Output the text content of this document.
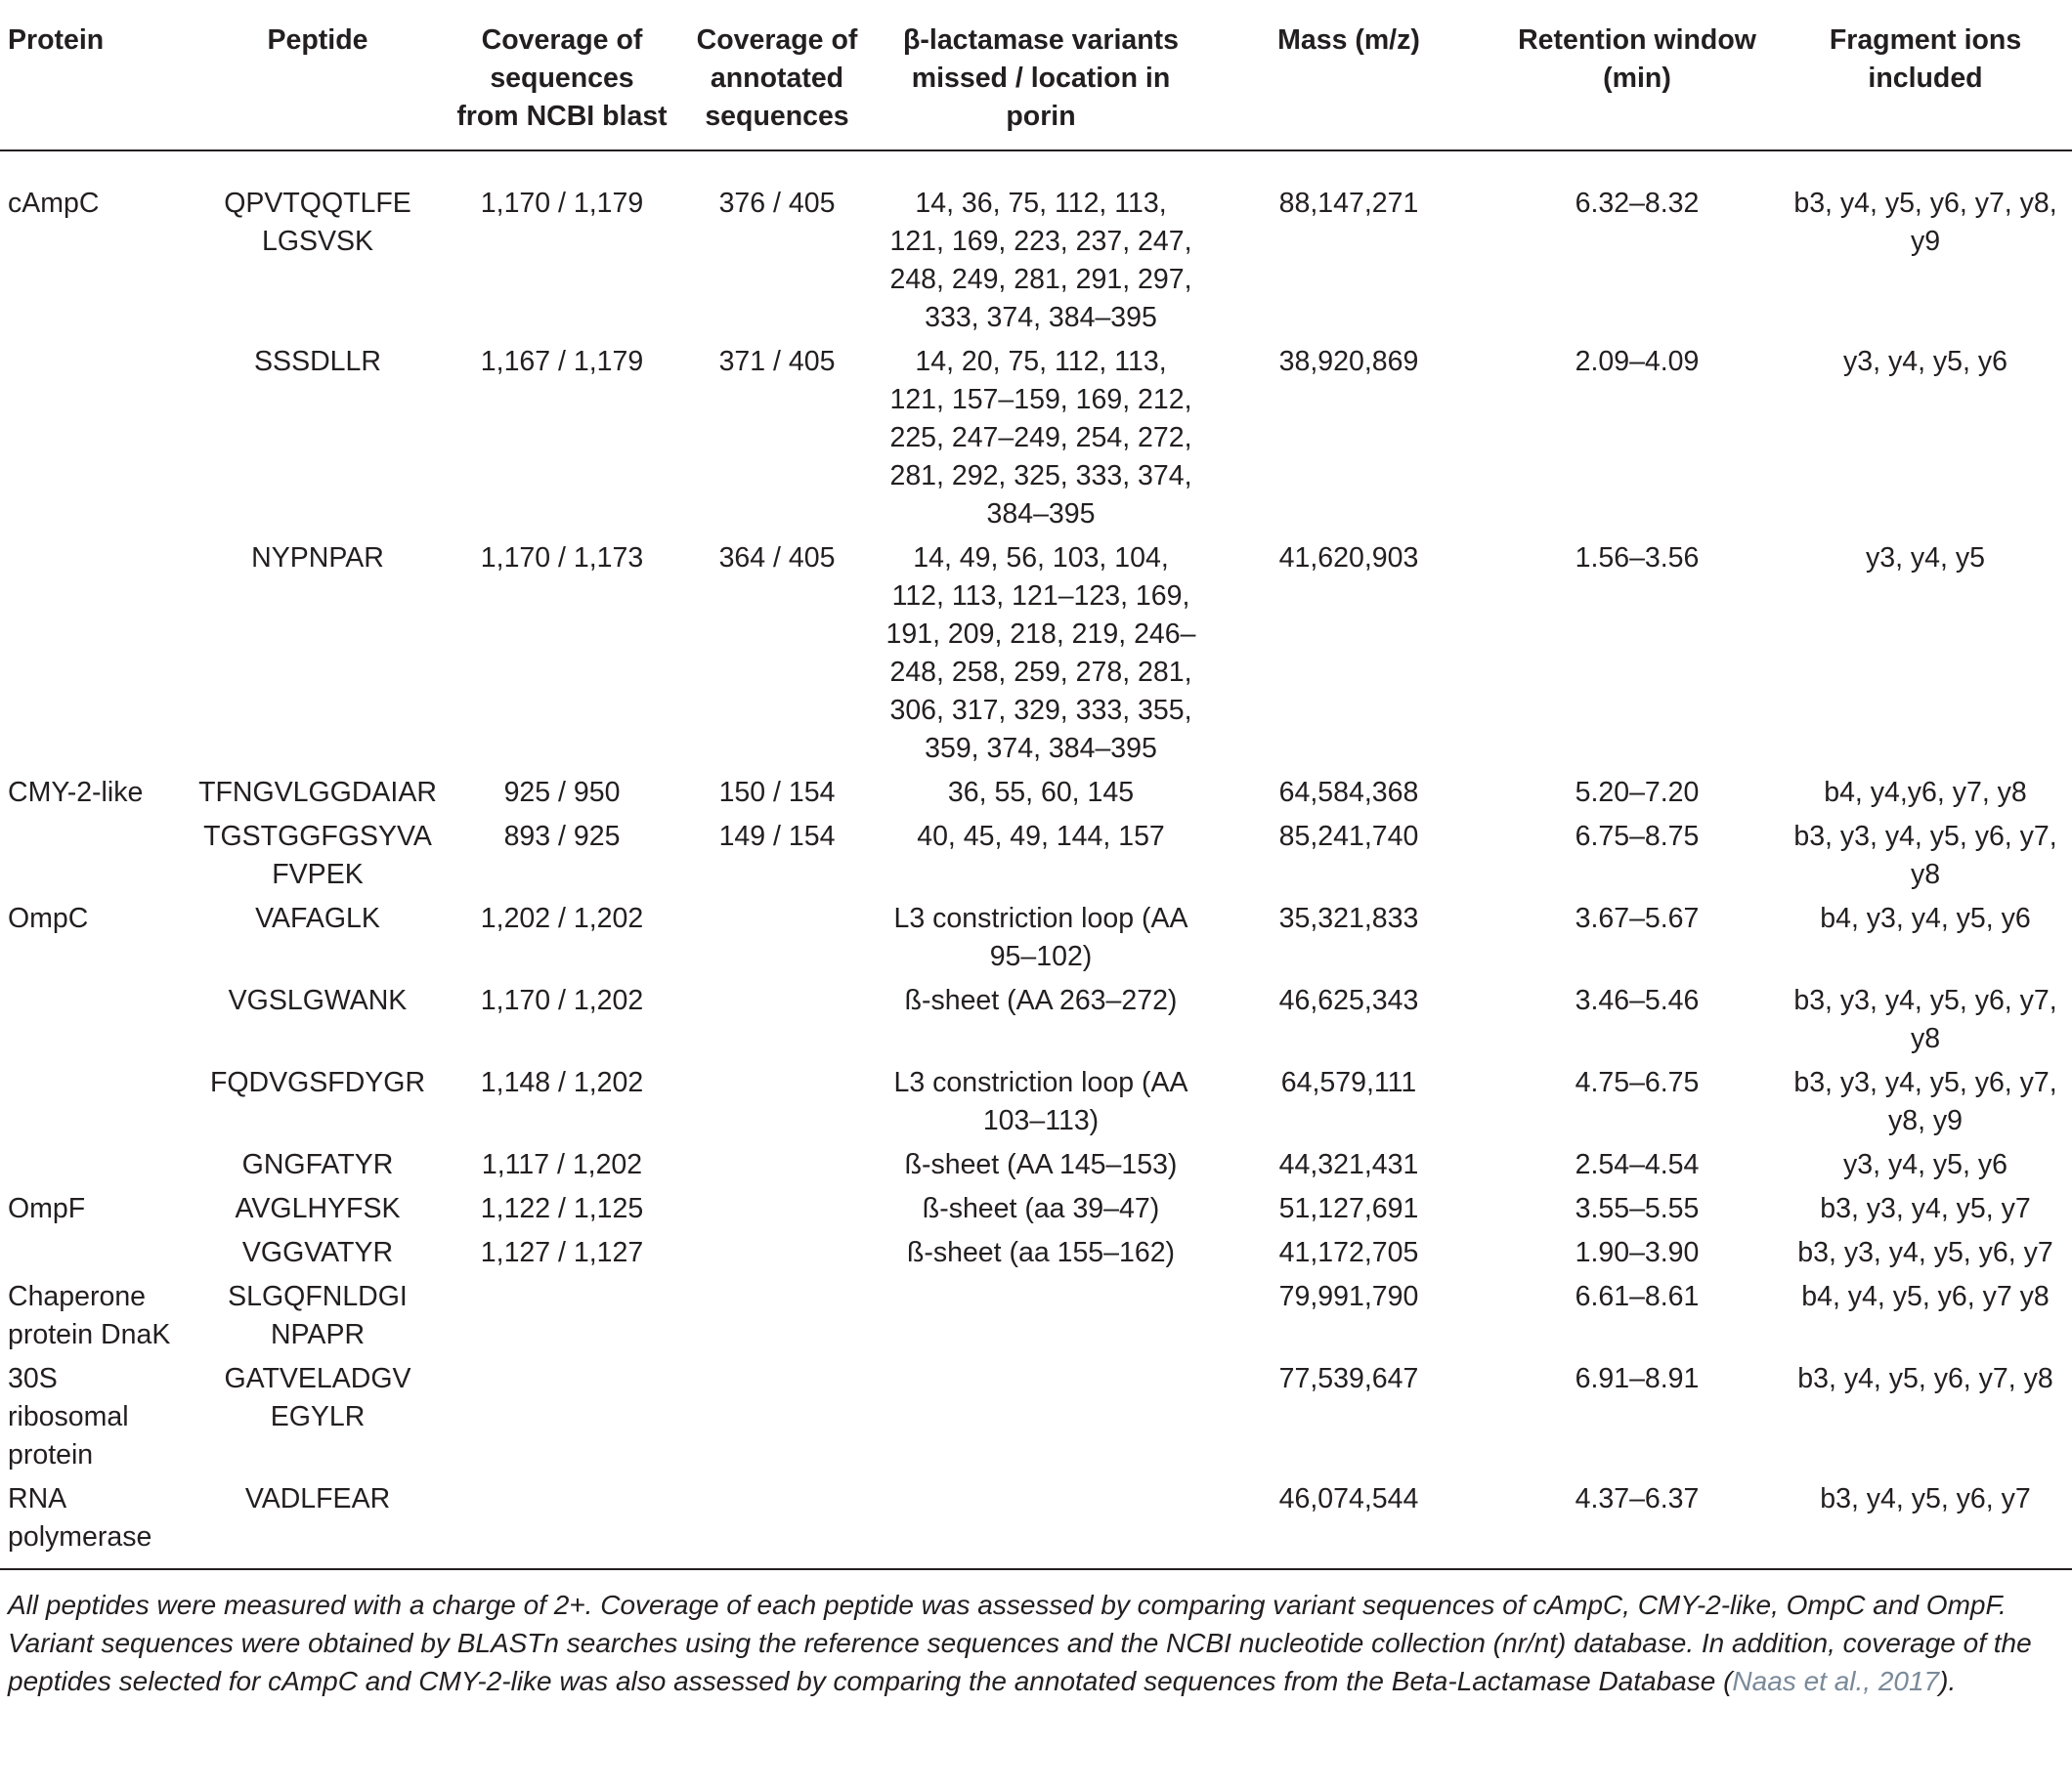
Protein	Peptide	Coverage of sequences from NCBI blast	Coverage of annotated sequences	β-lactamase variants missed / location in porin	Mass (m/z)	Retention window (min)	Fragment ions included
cAmpC	QPVTQQTLFE LGSVSK	1,170 / 1,179	376 / 405	14, 36, 75, 112, 113, 121, 169, 223, 237, 247, 248, 249, 281, 291, 297, 333, 374, 384–395	88,147,271	6.32–8.32	b3, y4, y5, y6, y7, y8, y9
	SSSDLLR	1,167 / 1,179	371 / 405	14, 20, 75, 112, 113, 121, 157–159, 169, 212, 225, 247–249, 254, 272, 281, 292, 325, 333, 374, 384–395	38,920,869	2.09–4.09	y3, y4, y5, y6
	NYPNPAR	1,170 / 1,173	364 / 405	14, 49, 56, 103, 104, 112, 113, 121–123, 169, 191, 209, 218, 219, 246–248, 258, 259, 278, 281, 306, 317, 329, 333, 355, 359, 374, 384–395	41,620,903	1.56–3.56	y3, y4, y5
CMY-2-like	TFNGVLGGDAIAR	925 / 950	150 / 154	36, 55, 60, 145	64,584,368	5.20–7.20	b4, y4,y6, y7, y8
	TGSTGGFGSYVA FVPEK	893 / 925	149 / 154	40, 45, 49, 144, 157	85,241,740	6.75–8.75	b3, y3, y4, y5, y6, y7, y8
OmpC	VAFAGLK	1,202 / 1,202		L3 constriction loop (AA 95–102)	35,321,833	3.67–5.67	b4, y3, y4, y5, y6
	VGSLGWANK	1,170 / 1,202		ß-sheet (AA 263–272)	46,625,343	3.46–5.46	b3, y3, y4, y5, y6, y7, y8
	FQDVGSFDYGR	1,148 / 1,202		L3 constriction loop (AA 103–113)	64,579,111	4.75–6.75	b3, y3, y4, y5, y6, y7, y8, y9
	GNGFATYR	1,117 / 1,202		ß-sheet (AA 145–153)	44,321,431	2.54–4.54	y3, y4, y5, y6
OmpF	AVGLHYFSK	1,122 / 1,125		ß-sheet (aa 39–47)	51,127,691	3.55–5.55	b3, y3, y4, y5, y7
	VGGVATYR	1,127 / 1,127		ß-sheet (aa 155–162)	41,172,705	1.90–3.90	b3, y3, y4, y5, y6, y7
Chaperone protein DnaK	SLGQFNLDGI NPAPR				79,991,790	6.61–8.61	b4, y4, y5, y6, y7 y8
30S ribosomal protein	GATVELADGV EGYLR				77,539,647	6.91–8.91	b3, y4, y5, y6, y7, y8
RNA polymerase	VADLFEAR				46,074,544	4.37–6.37	b3, y4, y5, y6, y7
All peptides were measured with a charge of 2+. Coverage of each peptide was assessed by comparing variant sequences of cAmpC, CMY-2-like, OmpC and OmpF. Variant sequences were obtained by BLASTn searches using the reference sequences and the NCBI nucleotide collection (nr/nt) database. In addition, coverage of the peptides selected for cAmpC and CMY-2-like was also assessed by comparing the annotated sequences from the Beta-Lactamase Database (Naas et al., 2017).
